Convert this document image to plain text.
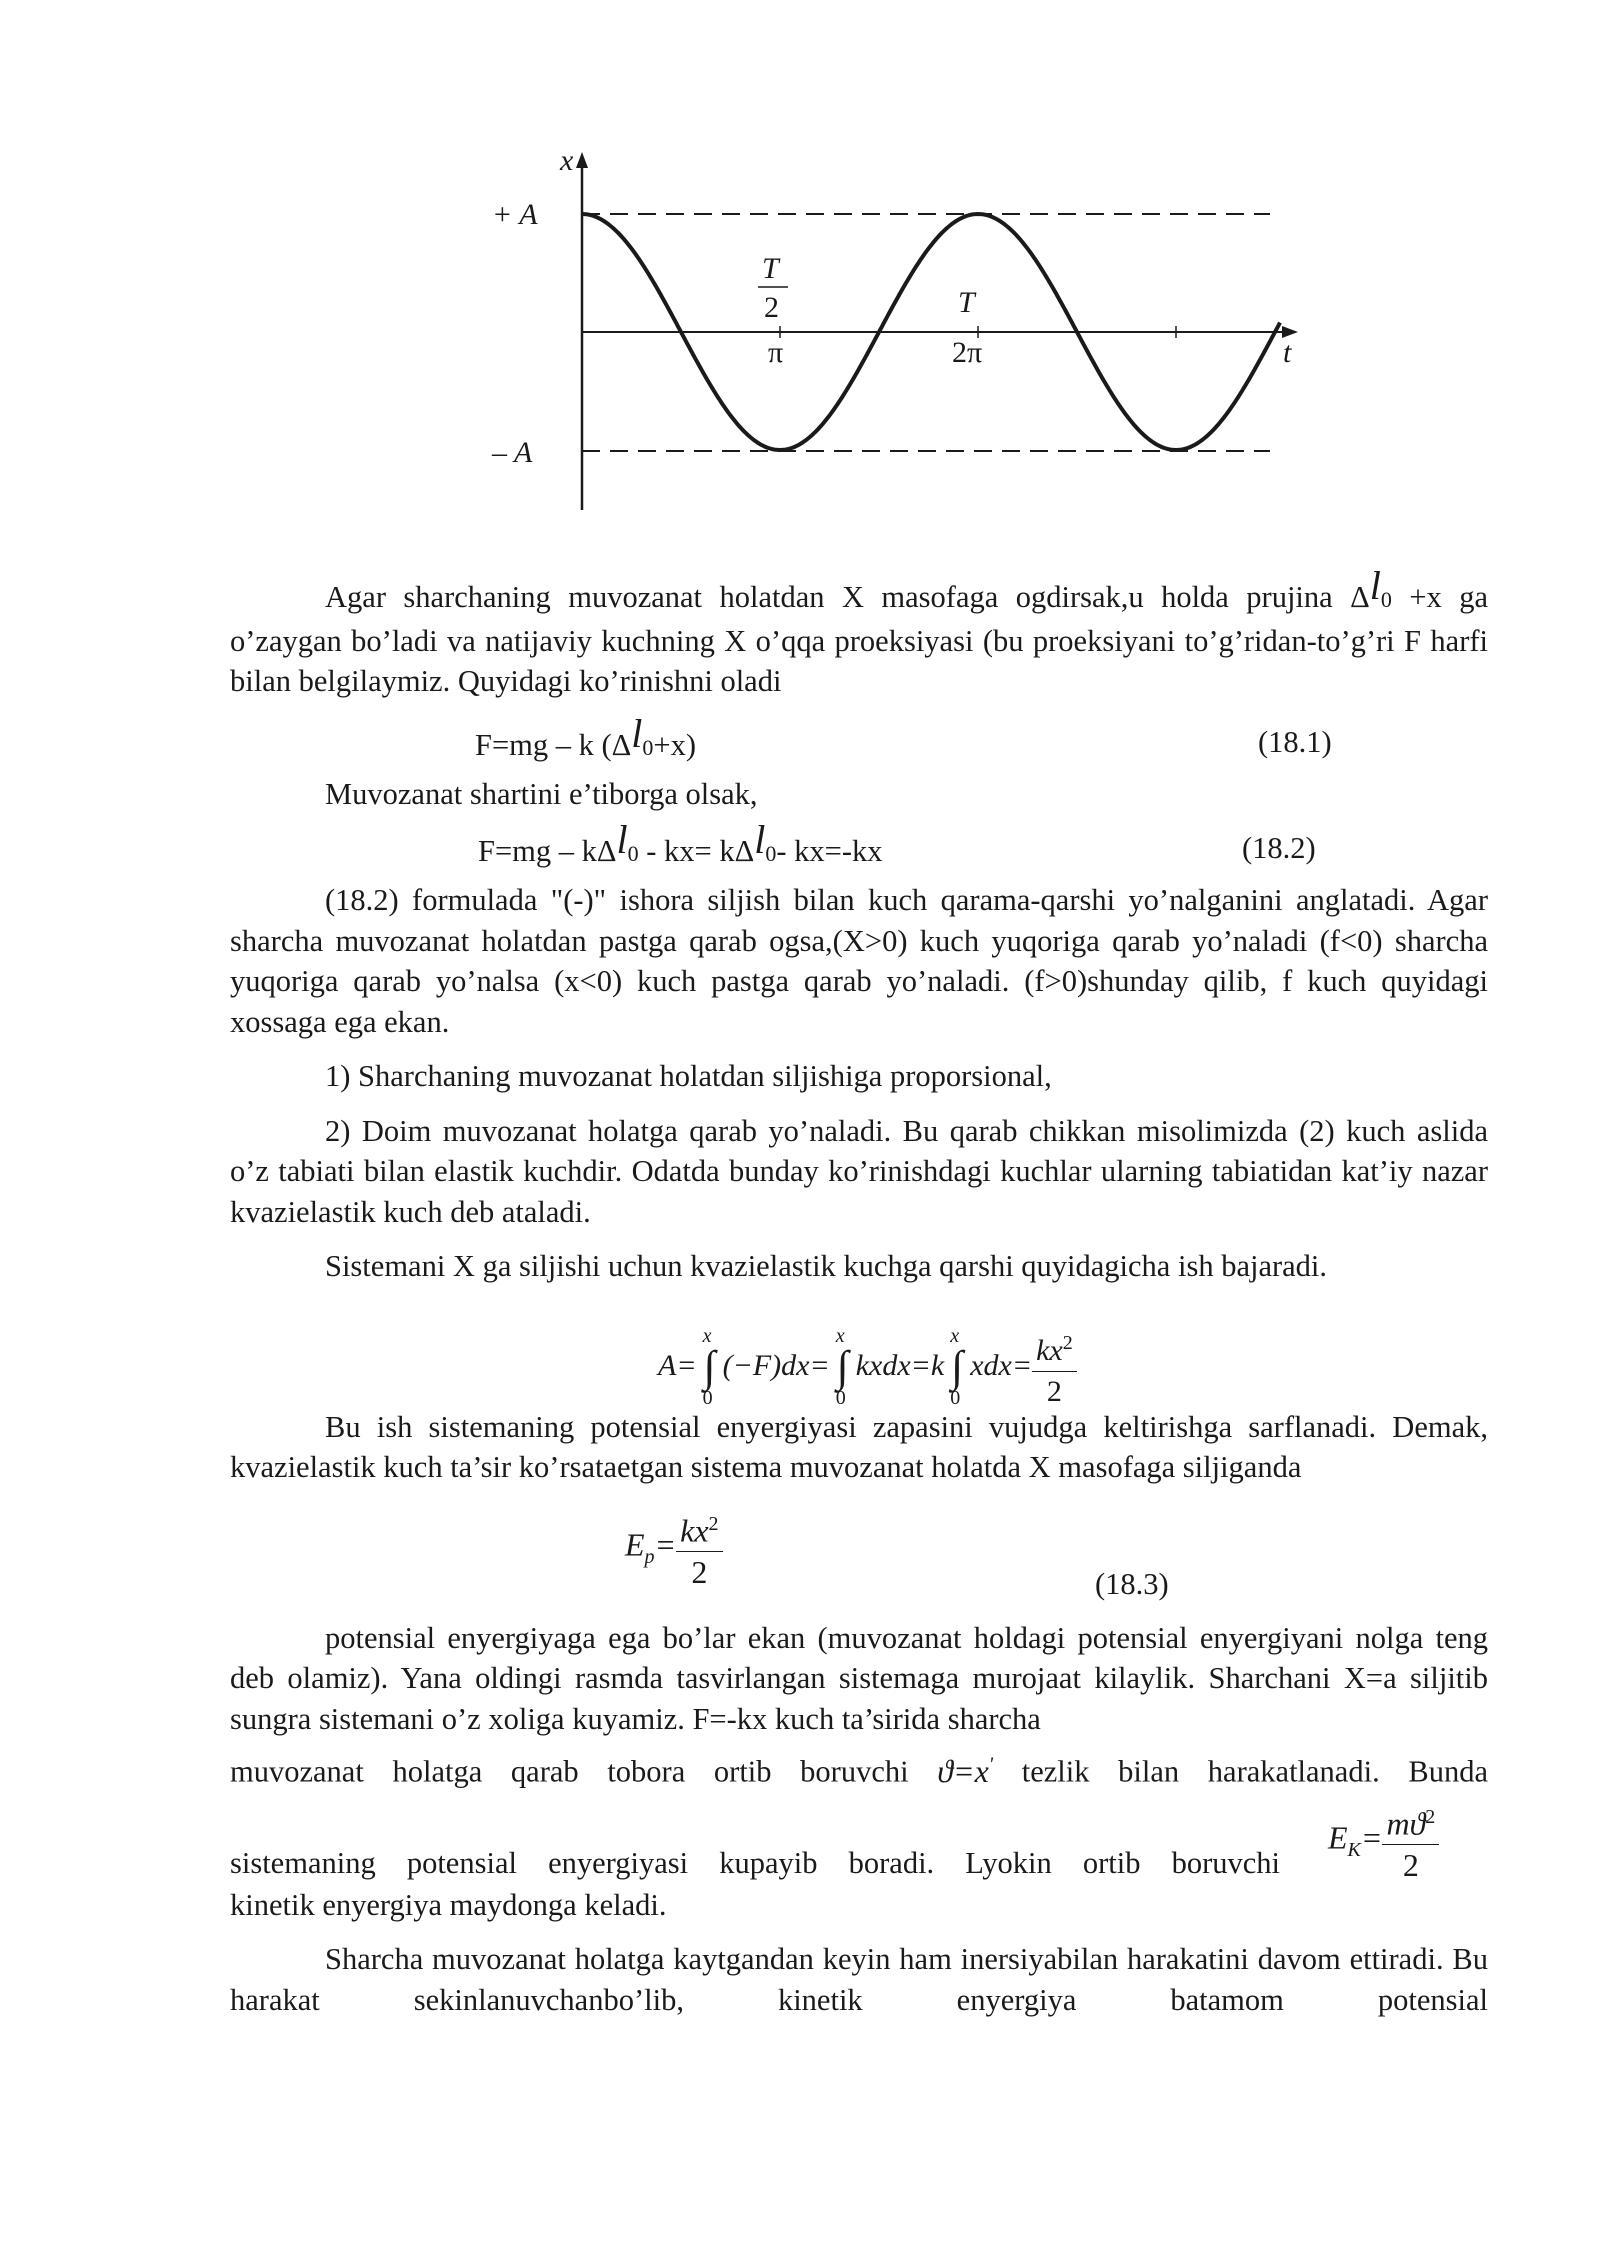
x
+ A
– A
t
T
2
π
T
2π

Agar sharchaning muvozanat holatdan X masofaga ogdirsak,u holda prujina Δl0 +x ga o’zaygan bo’ladi va natijaviy kuchning X o’qqa proeksiyasi (bu proeksiyani to’g’ridan-to’g’ri F harfi bilan belgilaymiz. Quyidagi ko’rinishni oladi

F=mg – k (Δl0+x)	(18.1)

Muvozanat shartini e’tiborga olsak,

F=mg – kΔl0 - kx= kΔl0- kx=-kx	(18.2)

(18.2) formulada "(-)" ishora siljish bilan kuch qarama-qarshi yo’nalganini anglatadi. Agar sharcha muvozanat holatdan pastga qarab ogsa,(X>0) kuch yuqoriga qarab yo’naladi (f<0) sharcha yuqoriga qarab yo’nalsa (x<0) kuch pastga qarab yo’naladi. (f>0)shunday qilib, f kuch quyidagi xossaga ega ekan.

1) Sharchaning muvozanat holatdan siljishiga proporsional,

2) Doim muvozanat holatga qarab yo’naladi. Bu qarab chikkan misolimizda (2) kuch aslida o’z tabiati bilan elastik kuchdir. Odatda bunday ko’rinishdagi kuchlar ularning tabiatidan kat’iy nazar kvazielastik kuch deb ataladi.

Sistemani X ga siljishi uchun kvazielastik kuchga qarshi quyidagicha ish bajaradi.

A=
x
∫
0
(−F)dx=
x
∫
0
kxdx=k
x
∫
0
$xdx= \frac{kx^2}{2}$

Bu ish sistemaning potensial enyergiyasi zapasini vujudga keltirishga sarflanadi. Demak, kvazielastik kuch ta’sir ko’rsataetgan sistema muvozanat holatda X masofaga siljiganda

$E_p= \frac{kx^2}{2}$	(18.3)

potensial enyergiyaga ega bo’lar ekan (muvozanat holdagi potensial enyergiyani nolga teng deb olamiz). Yana oldingi rasmda tasvirlangan sistemaga murojaat kilaylik. Sharchani X=a siljitib sungra sistemani o’z xoliga kuyamiz. F=-kx kuch ta’sirida sharcha

muvozanat holatga qarab tobora ortib boruvchi ϑ=x' tezlik bilan harakatlanadi. Bunda

sistemaning potensial enyergiyasi kupayib boradi. Lyokin ortib boruvchi
$E_K= \frac{mϑ^2}{2}$

kinetik enyergiya maydonga keladi.

Sharcha muvozanat holatga kaytgandan keyin ham inersiyabilan harakatini davom ettiradi. Bu harakat sekinlanuvchanbo’lib, kinetik enyergiya batamom potensial
